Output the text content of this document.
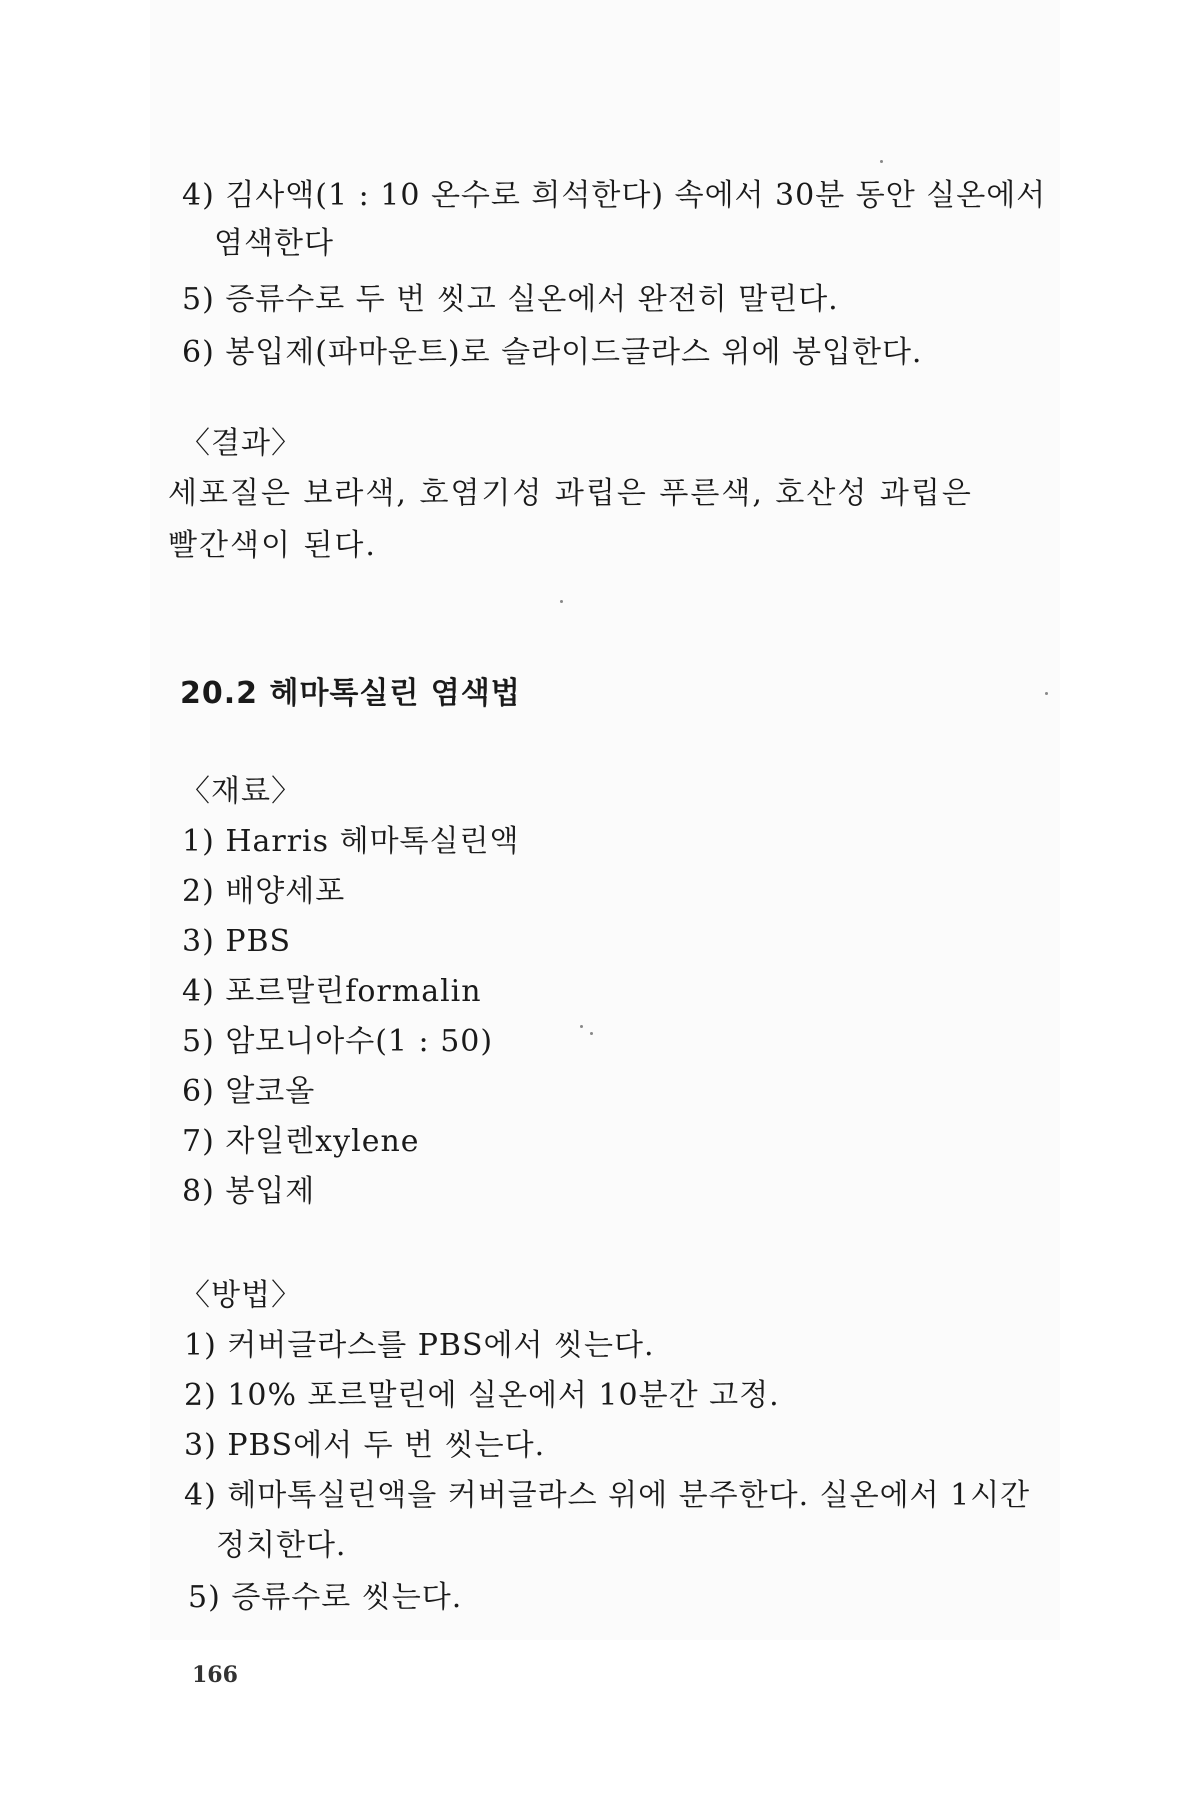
4) 김사액(1 : 10 온수로 희석한다) 속에서 30분 동안 실온에서
염색한다
5) 증류수로 두 번 씻고 실온에서 완전히 말린다.
6) 봉입제(파마운트)로 슬라이드글라스 위에 봉입한다.
〈결과〉
세포질은 보라색, 호염기성 과립은 푸른색, 호산성 과립은 빨간색이 된다.
20.2 헤마톡실린 염색법
〈재료〉
1) Harris 헤마톡실린액
2) 배양세포
3) PBS
4) 포르말린formalin
5) 암모니아수(1 : 50)
6) 알코올
7) 자일렌xylene
8) 봉입제
〈방법〉
1) 커버글라스를 PBS에서 씻는다.
2) 10% 포르말린에 실온에서 10분간 고정.
3) PBS에서 두 번 씻는다.
4) 헤마톡실린액을 커버글라스 위에 분주한다. 실온에서 1시간
정치한다.
5) 증류수로 씻는다.
166
